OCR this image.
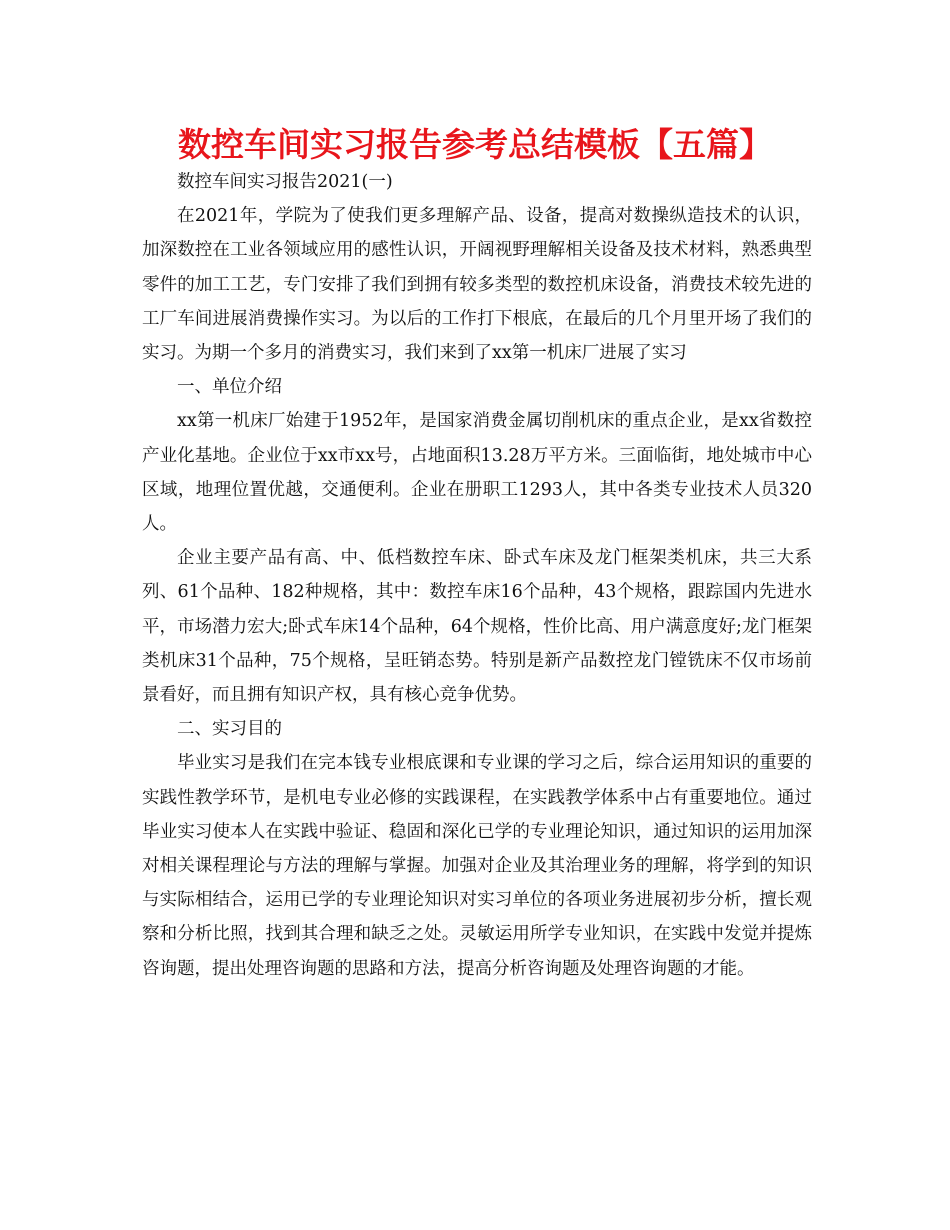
数控车间实习报告参考总结模板【五篇】

数控车间实习报告2021(一)

在2021年，学院为了使我们更多理解产品、设备，提高对数操纵造技术的认识，加深数控在工业各领域应用的感性认识，开阔视野理解相关设备及技术材料，熟悉典型零件的加工工艺，专门安排了我们到拥有较多类型的数控机床设备，消费技术较先进的工厂车间进展消费操作实习。为以后的工作打下根底，在最后的几个月里开场了我们的实习。为期一个多月的消费实习，我们来到了xx第一机床厂进展了实习

一、单位介绍

xx第一机床厂始建于1952年，是国家消费金属切削机床的重点企业，是xx省数控产业化基地。企业位于xx市xx号，占地面积13.28万平方米。三面临街，地处城市中心区域，地理位置优越，交通便利。企业在册职工1293人，其中各类专业技术人员320人。

企业主要产品有高、中、低档数控车床、卧式车床及龙门框架类机床，共三大系列、61个品种、182种规格，其中：数控车床16个品种，43个规格，跟踪国内先进水平，市场潜力宏大;卧式车床14个品种，64个规格，性价比高、用户满意度好;龙门框架类机床31个品种，75个规格，呈旺销态势。特别是新产品数控龙门镗铣床不仅市场前景看好，而且拥有知识产权，具有核心竞争优势。

二、实习目的

毕业实习是我们在完本钱专业根底课和专业课的学习之后，综合运用知识的重要的实践性教学环节，是机电专业必修的实践课程，在实践教学体系中占有重要地位。通过毕业实习使本人在实践中验证、稳固和深化已学的专业理论知识，通过知识的运用加深对相关课程理论与方法的理解与掌握。加强对企业及其治理业务的理解，将学到的知识与实际相结合，运用已学的专业理论知识对实习单位的各项业务进展初步分析，擅长观察和分析比照，找到其合理和缺乏之处。灵敏运用所学专业知识，在实践中发觉并提炼咨询题，提出处理咨询题的思路和方法，提高分析咨询题及处理咨询题的才能。
